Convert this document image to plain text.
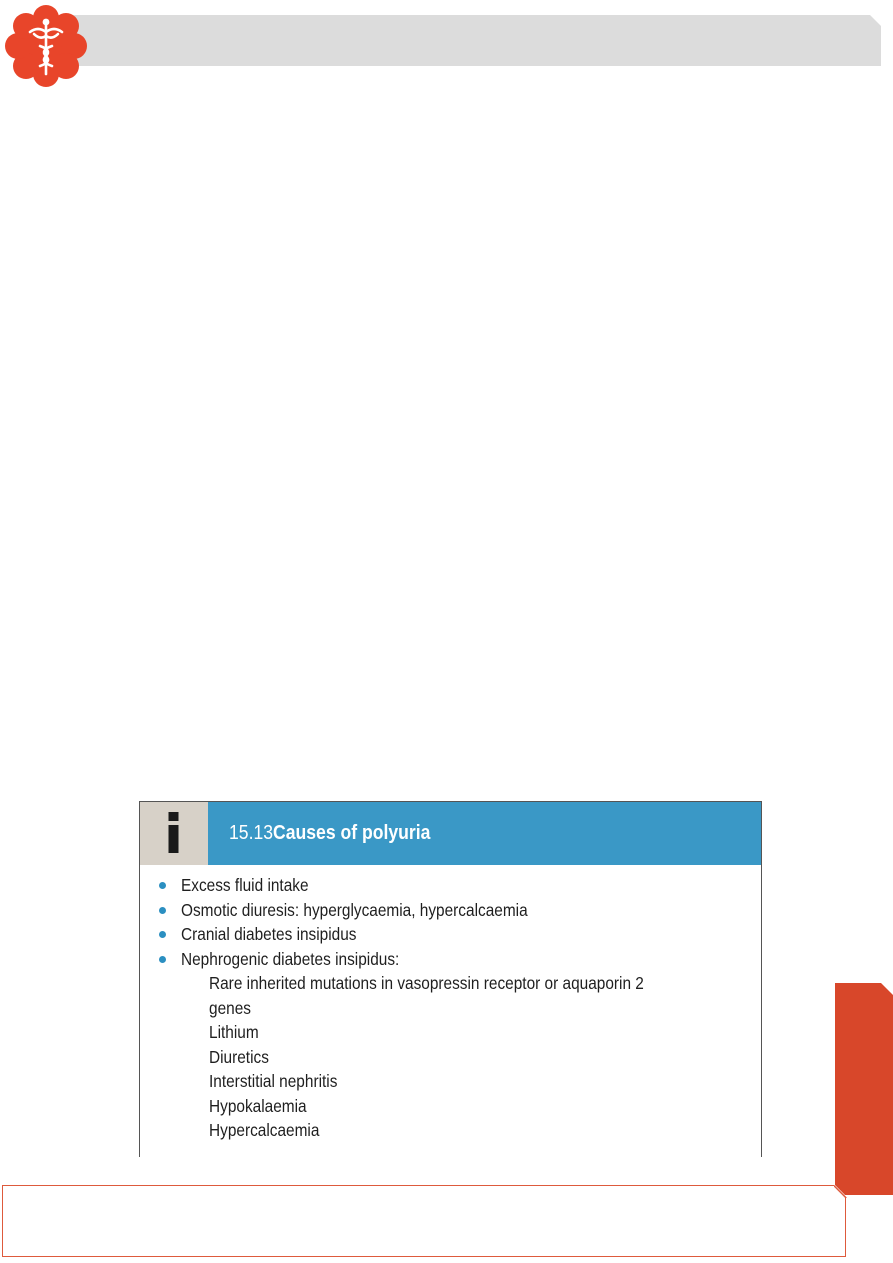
15.13 Causes of polyuria
Excess fluid intake
Osmotic diuresis: hyperglycaemia, hypercalcaemia
Cranial diabetes insipidus
Nephrogenic diabetes insipidus:
Rare inherited mutations in vasopressin receptor or aquaporin 2
genes
Lithium
Diuretics
Interstitial nephritis
Hypokalaemia
Hypercalcaemia
